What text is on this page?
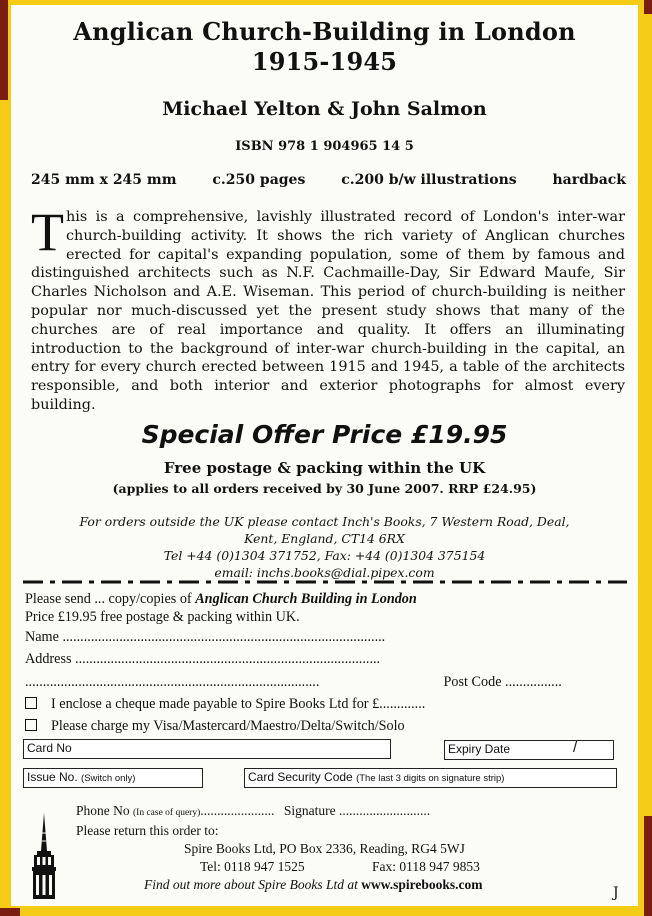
Anglican Church-Building in London
1915-1945
Michael Yelton & John Salmon
ISBN 978 1 904965 14 5
245 mm x 245 mm	c.250 pages	c.200 b/w illustrations	hardback
This is a comprehensive, lavishly illustrated record of London's inter-war church-building activity. It shows the rich variety of Anglican churches erected for capital's expanding population, some of them by famous and distinguished architects such as N.F. Cachmaille-Day, Sir Edward Maufe, Sir Charles Nicholson and A.E. Wiseman. This period of church-building is neither popular nor much-discussed yet the present study shows that many of the churches are of real importance and quality. It offers an illuminating introduction to the background of inter-war church-building in the capital, an entry for every church erected between 1915 and 1945, a table of the architects responsible, and both interior and exterior photographs for almost every building.
Special Offer Price £19.95
Free postage & packing within the UK
(applies to all orders received by 30 June 2007. RRP £24.95)
For orders outside the UK please contact Inch's Books, 7 Western Road, Deal,
Kent, England, CT14 6RX
Tel +44 (0)1304 371752, Fax: +44 (0)1304 375154
email: inchs.books@dial.pipex.com
Please send ... copy/copies of Anglican Church Building in London
Price £19.95 free postage & packing within UK.
Name ...........................................................................................
Address ......................................................................................
...................................................................................	Post Code ................
I enclose a cheque made payable to Spire Books Ltd for £.............
Please charge my Visa/Mastercard/Maestro/Delta/Switch/Solo
Card No	Expiry Date	/
Issue No. (Switch only)	Card Security Code (The last 3 digits on signature strip)
Phone No (In case of query)...................... Signature ...........................
Please return this order to:
Spire Books Ltd, PO Box 2336, Reading, RG4 5WJ
Tel: 0118 947 1525	Fax: 0118 947 9853
Find out more about Spire Books Ltd at www.spirebooks.com
J
